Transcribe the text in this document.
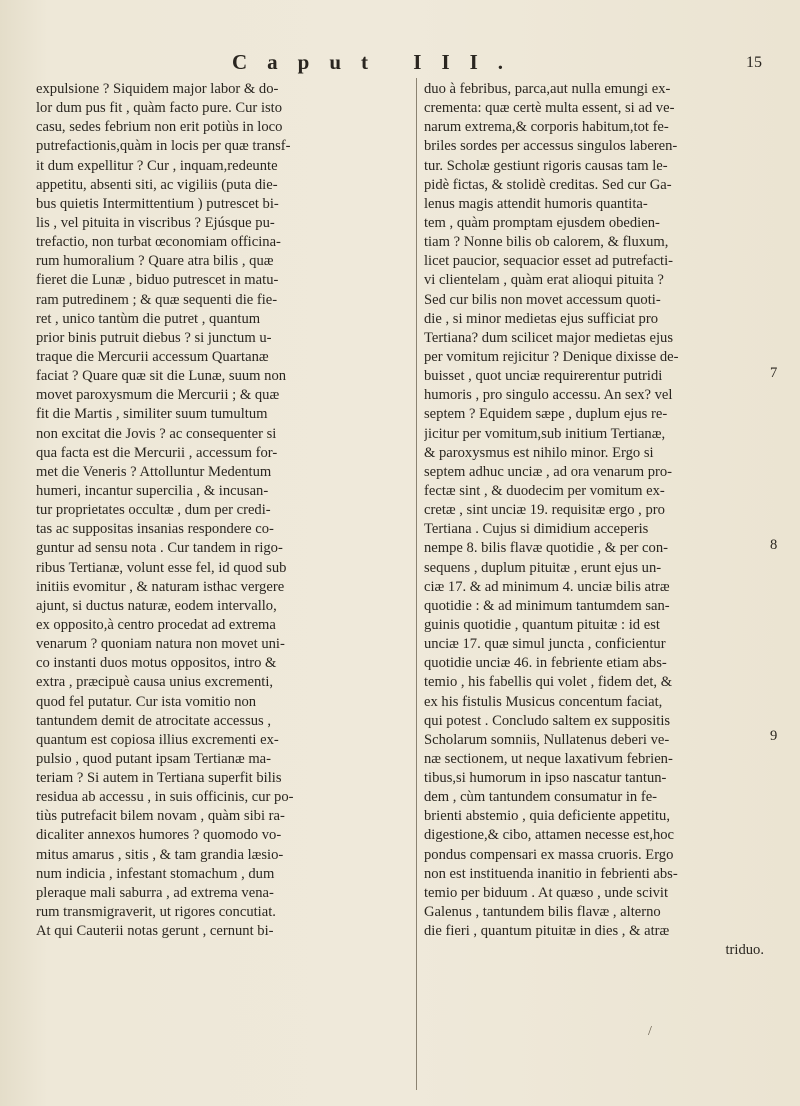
Caput III.	15
expulsione ? Siquidem major labor & do-
lor dum pus fit , quàm facto pure. Cur isto
casu, sedes febrium non erit potiùs in loco
putrefactionis,quàm in locis per quæ transf-
it dum expellitur ? Cur , inquam,redeunte
appetitu, absenti siti, ac vigiliis (puta die-
bus quietis Intermittentium ) putrescet bi-
lis , vel pituita in viscribus ? Ejúsque pu-
trefactio, non turbat œconomiam officina-
rum humoralium ? Quare atra bilis , quæ
fieret die Lunæ , biduo putrescet in matu-
ram putredinem ; & quæ sequenti die fie-
ret , unico tantùm die putret , quantum
prior binis putruit diebus ? si junctum u-
traque die Mercurii accessum Quartanæ
faciat ? Quare quæ sit die Lunæ, suum non
movet paroxysmum die Mercurii ; & quæ
fit die Martis , similiter suum tumultum
non excitat die Jovis ? ac consequenter si
qua facta est die Mercurii , accessum for-
met die Veneris ? Attolluntur Medentum
humeri, incantur supercilia , & incusan-
tur proprietates occultæ , dum per credi-
tas ac suppositas insanias respondere co-
guntur ad sensu nota . Cur tandem in rigo-
ribus Tertianæ, volunt esse fel, id quod sub
initiis evomitur , & naturam isthac vergere
ajunt, si ductus naturæ, eodem intervallo,
ex opposito,à centro procedat ad extrema
venarum ? quoniam natura non movet uni-
co instanti duos motus oppositos, intro &
extra , præcipuè causa unius excrementi,
quod fel putatur. Cur ista vomitio non
tantundem demit de atrocitate accessus ,
quantum est copiosa illius excrementi ex-
pulsio , quod putant ipsam Tertianæ ma-
teriam ? Si autem in Tertiana superfit bilis
residua ab accessu , in suis officinis, cur po-
tiùs putrefacit bilem novam , quàm sibi ra-
dicaliter annexos humores ? quomodo vo-
mitus amarus , sitis , & tam grandia læsio-
num indicia , infestant stomachum , dum
pleraque mali saburra , ad extrema vena-
rum transmigraverit, ut rigores concutiat.
At qui Cauterii notas gerunt , cernunt bi-
duo à febribus, parca,aut nulla emungi ex-
crementa: quæ certè multa essent, si ad ve-
narum extrema,& corporis habitum,tot fe-
briles sordes per accessus singulos laberen-
tur. Scholæ gestiunt rigoris causas tam le-
pidè fictas, & stolidè creditas. Sed cur Ga-
lenus magis attendit humoris quantita-
tem , quàm promptam ejusdem obedien-
tiam ? Nonne bilis ob calorem, & fluxum,
licet paucior, sequacior esset ad putrefacti-
vi clientelam , quàm erat alioqui pituita ?
Sed cur bilis non movet accessum quoti-
die , si minor medietas ejus sufficiat pro
Tertiana? dum scilicet major medietas ejus
per vomitum rejicitur ? Denique dixisse de-
buisset , quot unciæ requirerentur putridi
humoris , pro singulo accessu. An sex? vel
septem ? Equidem sæpe , duplum ejus re-
jicitur per vomitum,sub initium Tertianæ,
& paroxysmus est nihilo minor. Ergo si
septem adhuc unciæ , ad ora venarum pro-
fectæ sint , & duodecim per vomitum ex-
cretæ , sint unciæ 19. requisitæ ergo , pro
Tertiana . Cujus si dimidium acceperis
nempe 8. bilis flavæ quotidie , & per con-
sequens , duplum pituitæ , erunt ejus un-
ciæ 17. & ad minimum 4. unciæ bilis atræ
quotidie : & ad minimum tantumdem san-
guinis quotidie , quantum pituitæ : id est
unciæ 17. quæ simul juncta , conficientur
quotidie unciæ 46. in febriente etiam abs-
temio , his fabellis qui volet , fidem det, &
ex his fistulis Musicus concentum faciat,
qui potest . Concludo saltem ex suppositis
Scholarum somniis, Nullatenus deberi ve-
næ sectionem, ut neque laxativum febrien-
tibus,si humorum in ipso nascatur tantun-
dem , cùm tantundem consumatur in fe-
brienti abstemio , quia deficiente appetitu,
digestione,& cibo, attamen necesse est,hoc
pondus compensari ex massa cruoris. Ergo
non est instituenda inanitio in febrienti abs-
temio per biduum . At quæso , unde scivit
Galenus , tantundem bilis flavæ , alterno
die fieri , quantum pituitæ in dies , & atræ
triduo.
7
8
9
/
